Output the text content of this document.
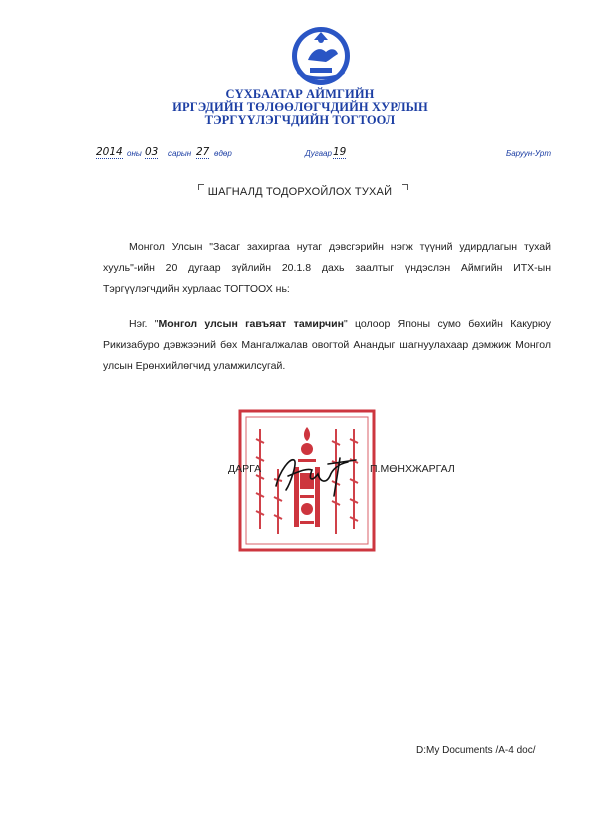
СҮХБААТАР АЙМГИЙН
ИРГЭДИЙН ТӨЛӨӨЛӨГЧДИЙН ХУРЛЫН
ТЭРГҮҮЛЭГЧДИЙН ТОГТООЛ
2014 оны 03 сарын 27 өдөр	Дугаар 19	Баруун-Урт
ШАГНАЛД ТОДОРХОЙЛОХ ТУХАЙ
Монгол Улсын "Засаг захиргаа нутаг дэвсгэрийн нэгж түүний удирдлагын тухай хууль"-ийн 20 дугаар зүйлийн 20.1.8 дахь заалтыг үндэслэн Аймгийн ИТХ-ын Тэргүүлэгчдийн хурлаас ТОГТООХ нь:
Нэг. "Монгол улсын гавъяат тамирчин" цолоор Японы сумо бөхийн Какурюу Рикизабуро дэвжээний бөх Мангалжалав овогтой Анандыг шагнуулахаар дэмжиж Монгол улсын Ерөнхийлөгчид уламжилсугай.
ДАРГА	П.МӨНХЖАРГАЛ
D:My Documents /A-4 doc/
